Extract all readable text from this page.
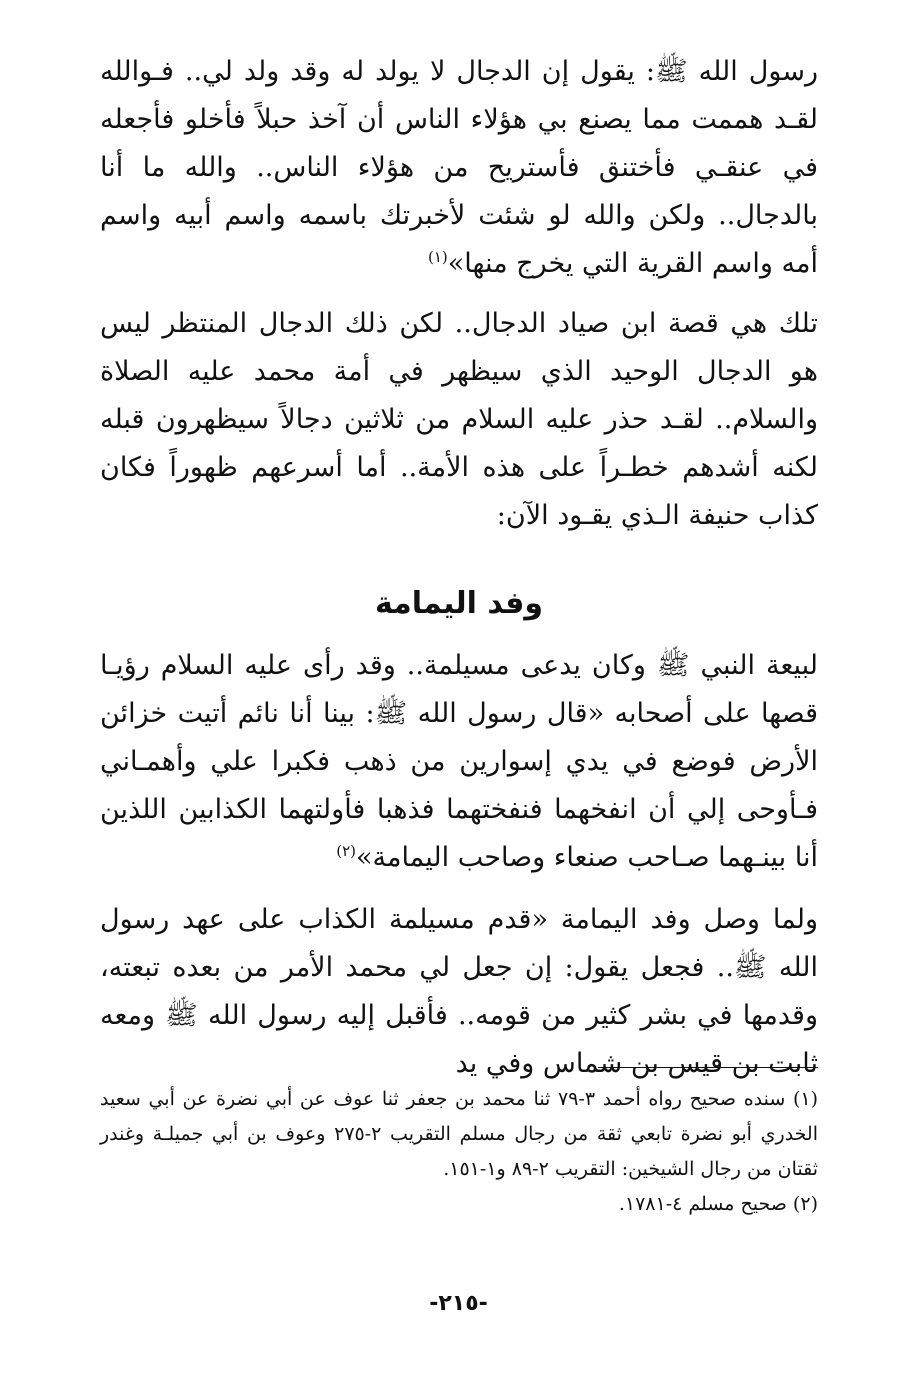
رسول الله ﷺ: يقول إن الدجال لا يولد له وقد ولد لي.. فـوالله لقـد هممت مما يصنع بي هؤلاء الناس أن آخذ حبلاً فأخلو فأجعله في عنقـي فأختنق فأستريح من هؤلاء الناس.. والله ما أنا بالدجال.. ولكن والله لو شئت لأخبرتك باسمه واسم أبيه واسم أمه واسم القرية التي يخرج منها»$^{(١)}$

تلك هي قصة ابن صياد الدجال.. لكن ذلك الدجال المنتظر ليس هو الدجال الوحيد الذي سيظهر في أمة محمد عليه الصلاة والسلام.. لقـد حذر عليه السلام من ثلاثين دجالاً سيظهرون قبله لكنه أشدهم خطـراً على هذه الأمة.. أما أسرعهم ظهوراً فكان كذاب حنيفة الـذي يقـود الآن:

وفد اليمامة

لبيعة النبي ﷺ وكان يدعى مسيلمة.. وقد رأى عليه السلام رؤيـا قصها على أصحابه «قال رسول الله ﷺ: بينا أنا نائم أتيت خزائن الأرض فوضع في يدي إسوارين من ذهب فكبرا علي وأهمـاني فـأوحى إلي أن انفخهما فنفختهما فذهبا فأولتهما الكذابين اللذين أنا بينـهما صـاحب صنعاء وصاحب اليمامة»$^{(٢)}$

ولما وصل وفد اليمامة «قدم مسيلمة الكذاب على عهد رسول الله ﷺ.. فجعل يقول: إن جعل لي محمد الأمر من بعده تبعته، وقدمها في بشر كثير من قومه.. فأقبل إليه رسول الله ﷺ ومعه ثابت بن قيس بن شماس وفي يد

(١) سنده صحيح رواه أحمد ٣-٧٩ ثنا محمد بن جعفر ثنا عوف عن أبي نضرة عن أبي سعيد الخدري أبو نضرة تابعي ثقة من رجال مسلم التقريب ٢-٢٧٥ وعوف بن أبي جميلـة وغندر ثقتان من رجال الشيخين: التقريب ٢-٨٩ و١-١٥١.

(٢) صحيح مسلم ٤-١٧٨١.

-٢١٥-
